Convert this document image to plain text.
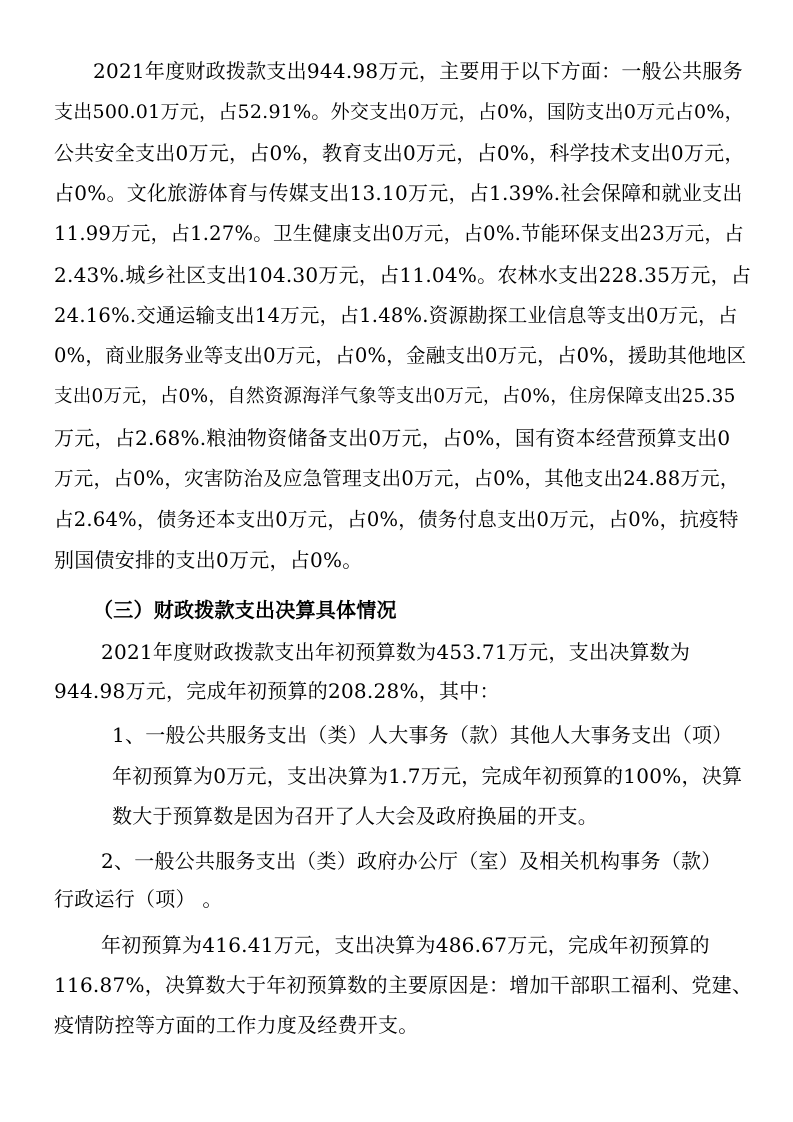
2021年度财政拨款支出944.98万元，主要用于以下方面：一般公共服务
支出500.01万元，占52.91%。外交支出0万元，占0%，国防支出0万元占0%，
公共安全支出0万元，占0%，教育支出0万元，占0%，科学技术支出0万元，
占0%。文化旅游体育与传媒支出13.10万元，占1.39%.社会保障和就业支出
11.99万元，占1.27%。卫生健康支出0万元，占0%.节能环保支出23万元，占
2.43%.城乡社区支出104.30万元，占11.04%。农林水支出228.35万元，占
24.16%.交通运输支出14万元，占1.48%.资源勘探工业信息等支出0万元，占
0%，商业服务业等支出0万元，占0%，金融支出0万元，占0%，援助其他地区
支出0万元，占0%，自然资源海洋气象等支出0万元，占0%，住房保障支出25.35
万元，占2.68%.粮油物资储备支出0万元，占0%，国有资本经营预算支出0
万元，占0%，灾害防治及应急管理支出0万元，占0%，其他支出24.88万元，
占2.64%，债务还本支出0万元，占0%，债务付息支出0万元，占0%，抗疫特
别国债安排的支出0万元，占0%。
（三）财政拨款支出决算具体情况
2021年度财政拨款支出年初预算数为453.71万元，支出决算数为
944.98万元，完成年初预算的208.28%，其中：
1、一般公共服务支出（类）人大事务（款）其他人大事务支出（项）
年初预算为0万元，支出决算为1.7万元，完成年初预算的100%，决算
数大于预算数是因为召开了人大会及政府换届的开支。
2、一般公共服务支出（类）政府办公厅（室）及相关机构事务（款）
行政运行（项） 。
年初预算为416.41万元，支出决算为486.67万元，完成年初预算的
116.87%，决算数大于年初预算数的主要原因是：增加干部职工福利、党建、
疫情防控等方面的工作力度及经费开支。
